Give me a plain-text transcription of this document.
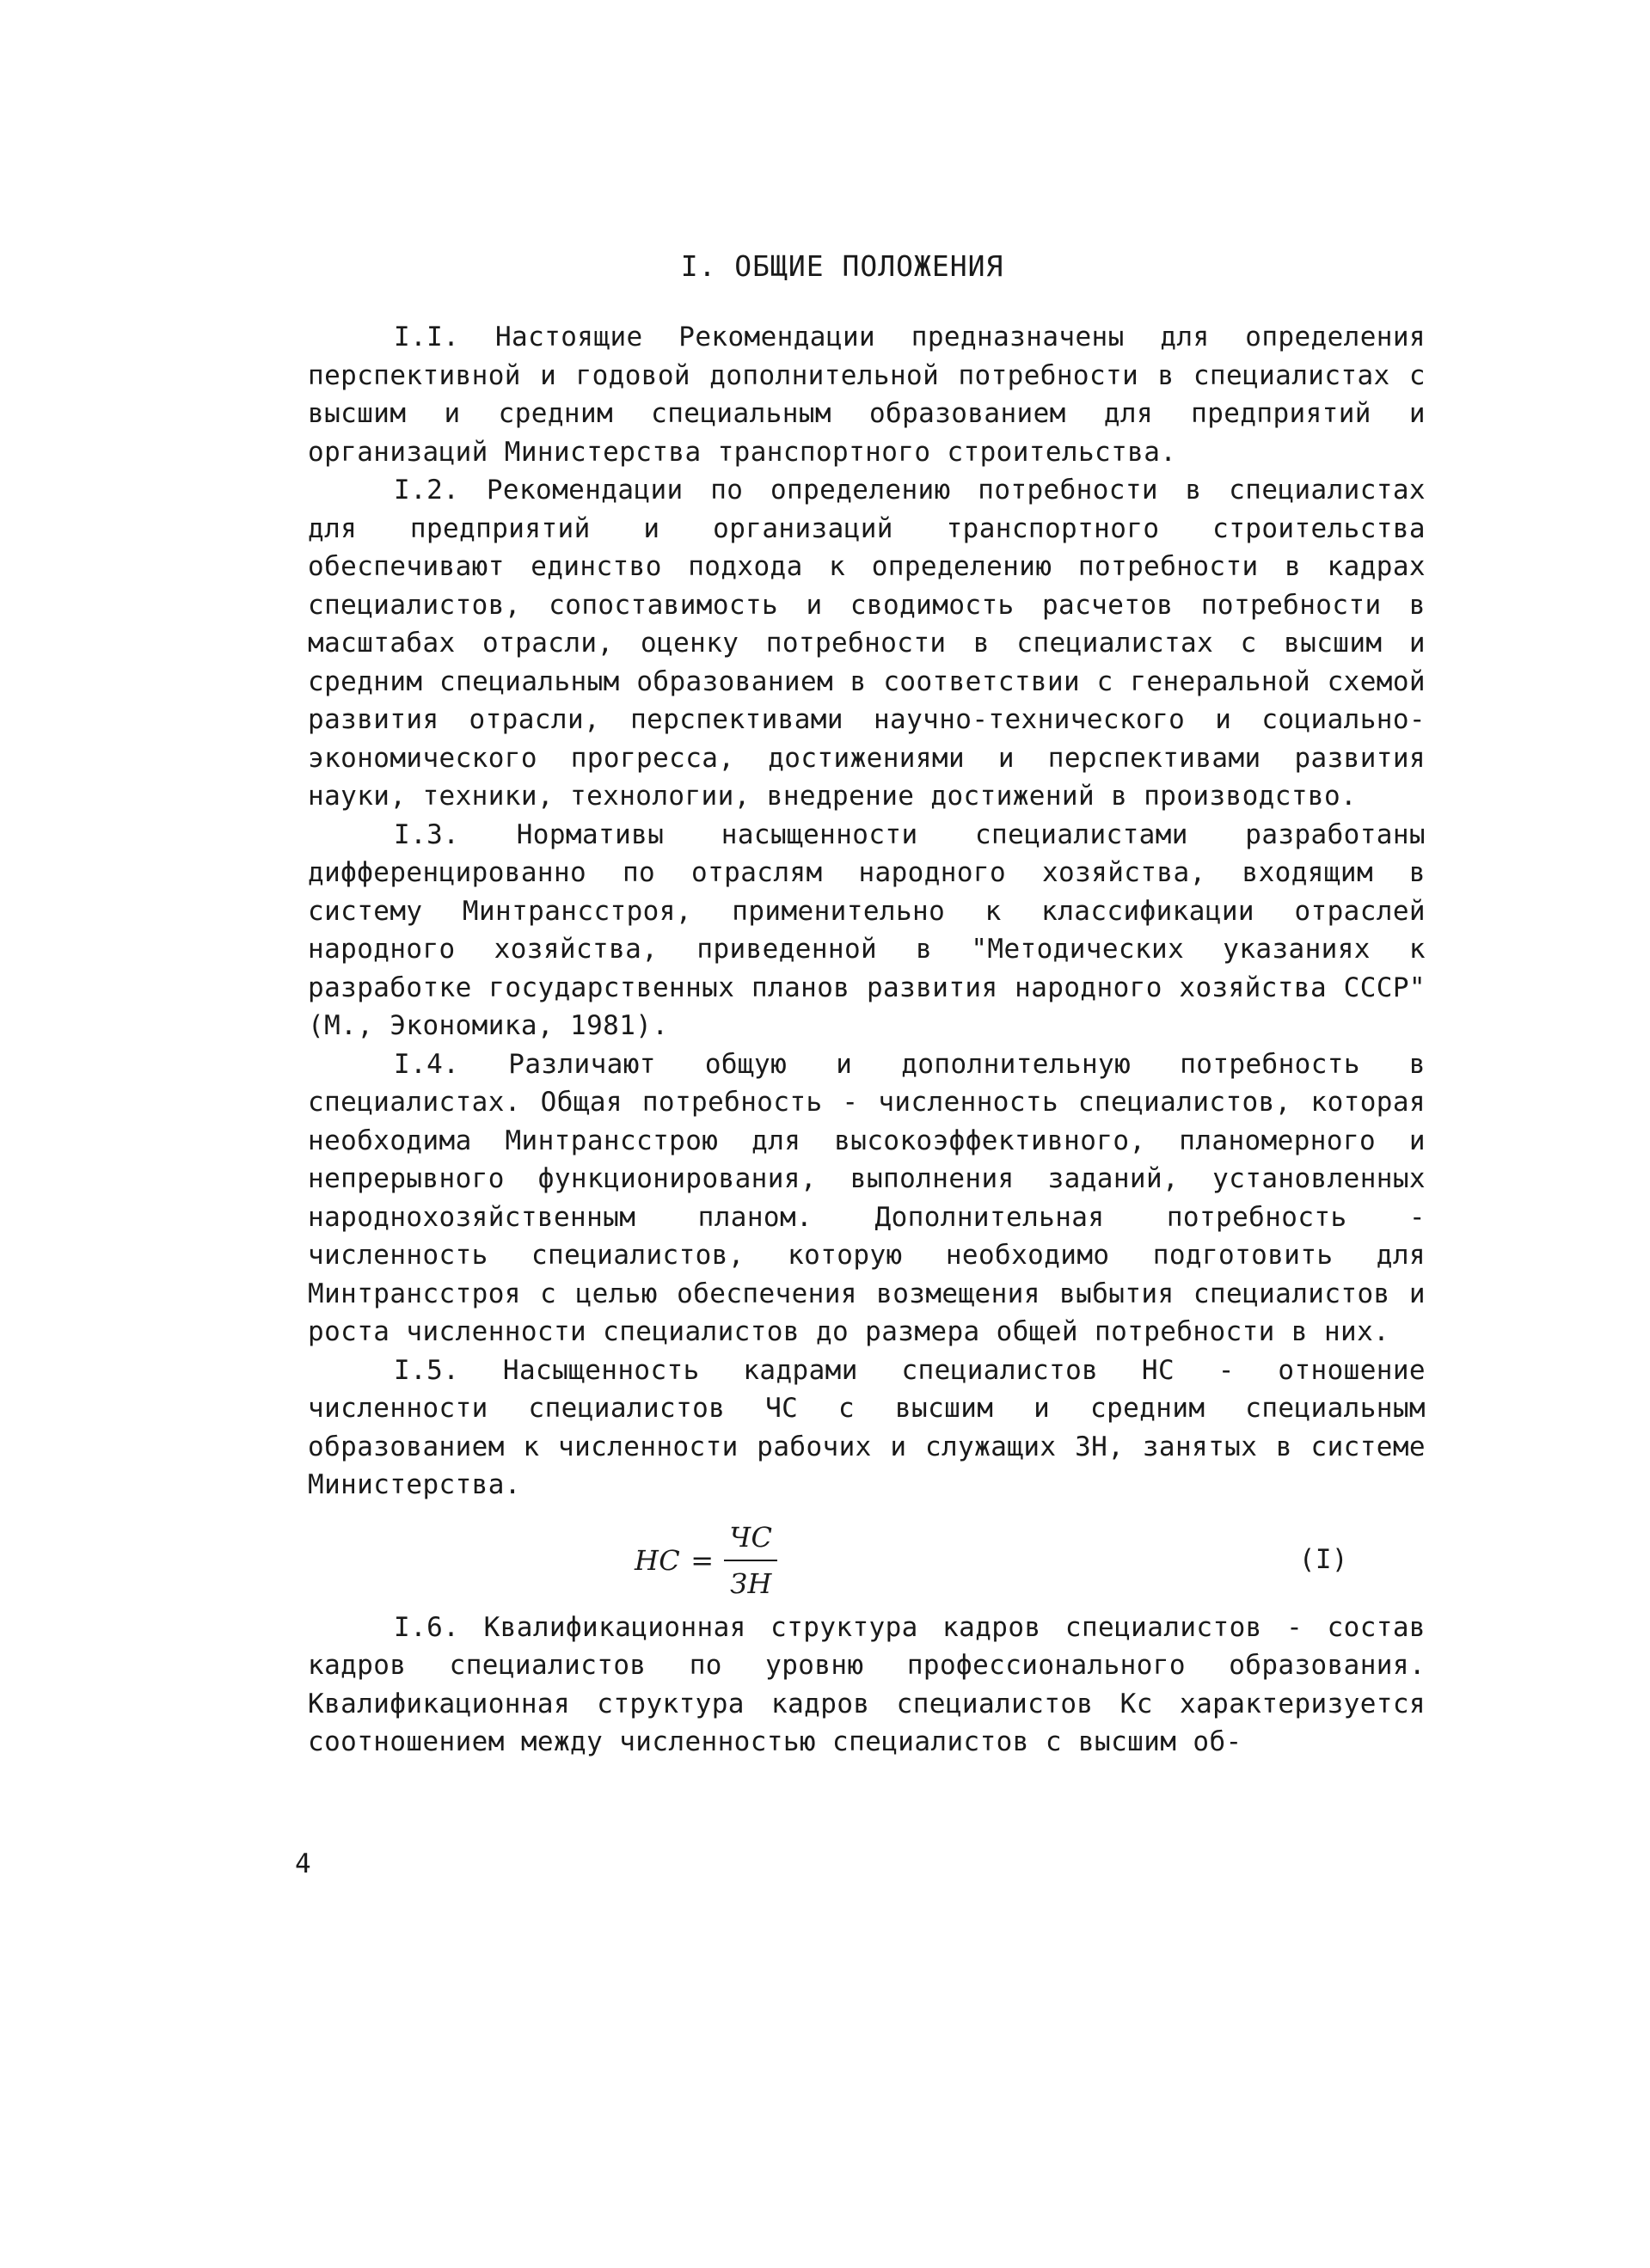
I. ОБЩИЕ ПОЛОЖЕНИЯ

I.I. Настоящие Рекомендации предназначены для определения перспективной и годовой дополнительной потребности в специалистах с высшим и средним специальным образованием для предприятий и организаций Министерства транспортного строительства.

I.2. Рекомендации по определению потребности в специалистах для предприятий и организаций транспортного строительства обеспечивают единство подхода к определению потребности в кадрах специалистов, сопоставимость и сводимость расчетов потребности в масштабах отрасли, оценку потребности в специалистах с высшим и средним специальным образованием в соответствии с генеральной схемой развития отрасли, перспективами научно-технического и социально-экономического прогресса, достижениями и перспективами развития науки, техники, технологии, внедрение достижений в производство.

I.3. Нормативы насыщенности специалистами разработаны дифференцированно по отраслям народного хозяйства, входящим в систему Минтрансстроя, применительно к классификации отраслей народного хозяйства, приведенной в "Методических указаниях к разработке государственных планов развития народного хозяйства СССР" (М., Экономика, 1981).

I.4. Различают общую и дополнительную потребность в специалистах. Общая потребность - численность специалистов, которая необходима Минтрансстрою для высокоэффективного, планомерного и непрерывного функционирования, выполнения заданий, установленных народнохозяйственным планом. Дополнительная потребность - численность специалистов, которую необходимо подготовить для Минтрансстроя с целью обеспечения возмещения выбытия специалистов и роста численности специалистов до размера общей потребности в них.

I.5. Насыщенность кадрами специалистов НС - отношение численности специалистов ЧС с высшим и средним специальным образованием к численности рабочих и служащих ЗН, занятых в системе Министерства.

НС = $\frac{ЧС}{ЗН}$	(I)

I.6. Квалификационная структура кадров специалистов - состав кадров специалистов по уровню профессионального образования. Квалификационная структура кадров специалистов Кс характеризуется соотношением между численностью специалистов с высшим об-

4
